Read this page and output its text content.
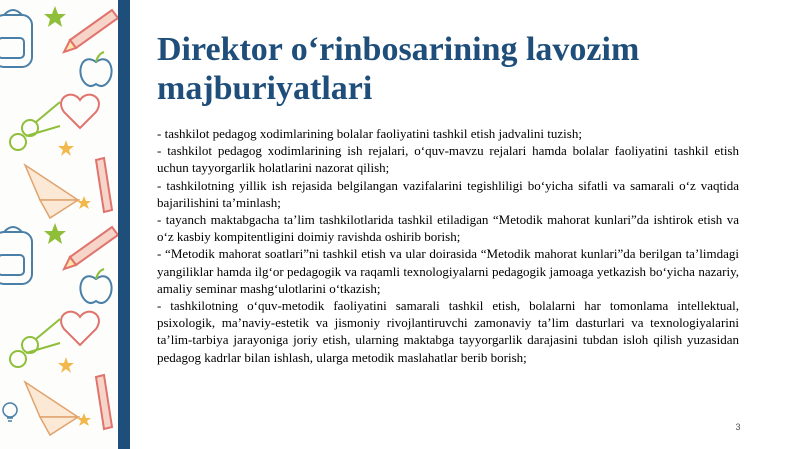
Direktor o‘rinbosarining lavozim majburiyatlari

- tashkilot pedagog xodimlarining bolalar faoliyatini tashkil etish jadvalini tuzish;

- tashkilot pedagog xodimlarining ish rejalari, o‘quv-mavzu rejalari hamda bolalar faoliyatini tashkil etish uchun tayyorgarlik holatlarini nazorat qilish;

- tashkilotning yillik ish rejasida belgilangan vazifalarini tegishliligi bo‘yicha sifatli va samarali o‘z vaqtida bajarilishini ta’minlash;

- tayanch maktabgacha ta’lim tashkilotlarida tashkil etiladigan “Metodik mahorat kunlari”da ishtirok etish va o‘z kasbiy kompitentligini doimiy ravishda oshirib borish;

- “Metodik mahorat soatlari”ni tashkil etish va ular doirasida “Metodik mahorat kunlari”da berilgan ta’limdagi yangiliklar hamda ilg‘or pedagogik va raqamli texnologiyalarni pedagogik jamoaga yetkazish bo‘yicha nazariy, amaliy seminar mashg‘ulotlarini o‘tkazish;

- tashkilotning o‘quv-metodik faoliyatini samarali tashkil etish, bolalarni har tomonlama intellektual, psixologik, ma’naviy-estetik va jismoniy rivojlantiruvchi zamonaviy ta’lim dasturlari va texnologiyalarini ta’lim-tarbiya jarayoniga joriy etish, ularning maktabga tayyorgarlik darajasini tubdan isloh qilish yuzasidan pedagog kadrlar bilan ishlash, ularga metodik maslahatlar berib borish;

3
